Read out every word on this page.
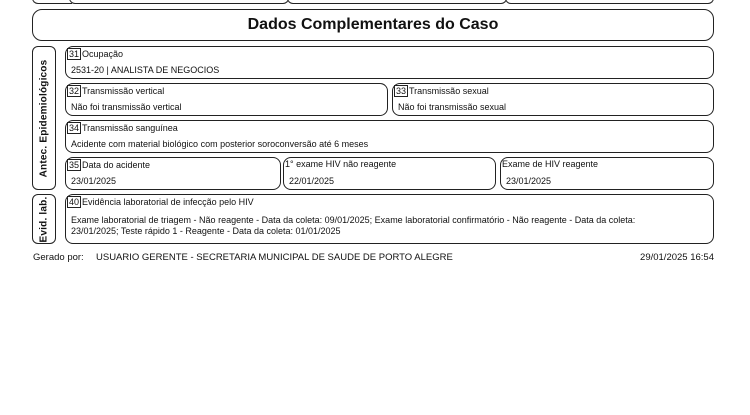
Dados Complementares do Caso
Antec. Epidemiológicos
Evid. lab.
31 Ocupação
2531-20 | ANALISTA DE NEGOCIOS
32 Transmissão vertical
Não foi transmissão vertical
33 Transmissão sexual
Não foi transmissão sexual
34 Transmissão sanguínea
Acidente com material biológico com posterior soroconversão até 6 meses
35 Data do acidente
23/01/2025
1° exame HIV não reagente
22/01/2025
Exame de HIV reagente
23/01/2025
40 Evidência laboratorial de infecção pelo HIV
Exame laboratorial de triagem - Não reagente - Data da coleta: 09/01/2025; Exame laboratorial confirmatório - Não reagente - Data da coleta:
23/01/2025; Teste rápido 1 - Reagente - Data da coleta: 01/01/2025
Gerado por: USUARIO GERENTE - SECRETARIA MUNICIPAL DE SAUDE DE PORTO ALEGRE	29/01/2025 16:54
